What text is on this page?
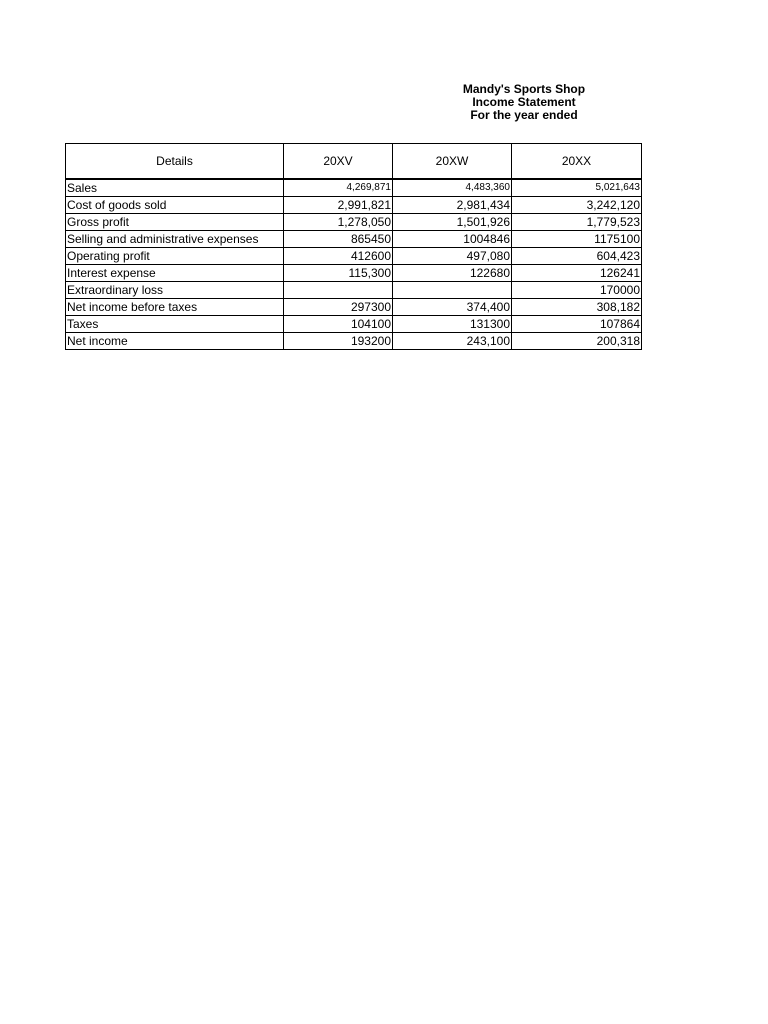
Mandy's Sports Shop
Income Statement
For the year ended
Details	20XV	20XW	20XX
Sales	4,269,871	4,483,360	5,021,643
Cost of goods sold	2,991,821	2,981,434	3,242,120
Gross profit	1,278,050	1,501,926	1,779,523
Selling and administrative expenses	865450	1004846	1175100
Operating profit	412600	497,080	604,423
Interest expense	115,300	122680	126241
Extraordinary loss			170000
Net income before taxes	297300	374,400	308,182
Taxes	104100	131300	107864
Net income	193200	243,100	200,318
